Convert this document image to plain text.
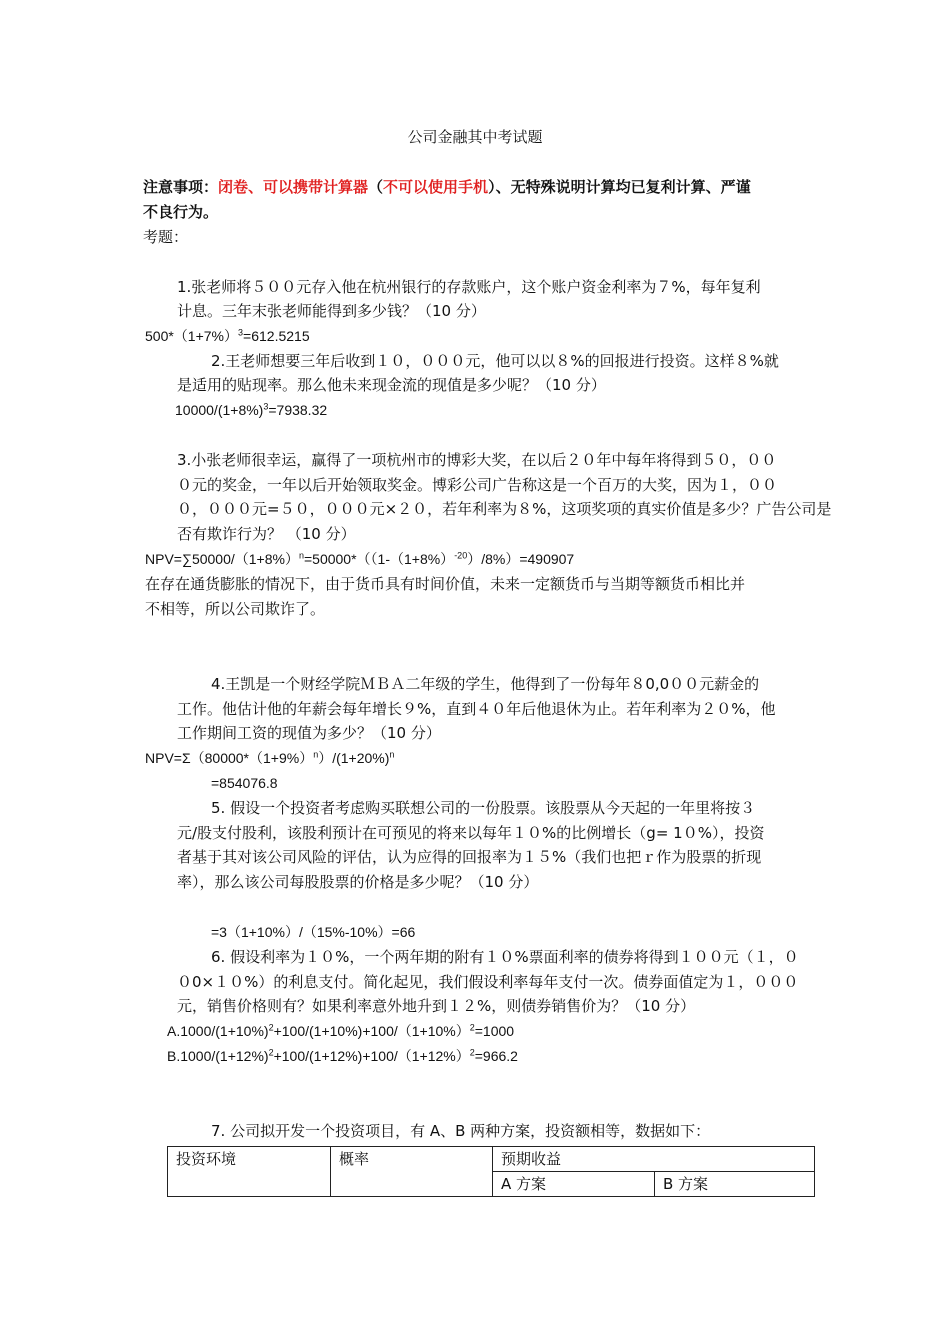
公司金融其中考试题
注意事项：闭卷、可以携带计算器（不可以使用手机）、无特殊说明计算均已复利计算、严谨
不良行为。
考题：
1.张老师将５００元存入他在杭州银行的存款账户，这个账户资金利率为７%，每年复利
计息。三年末张老师能得到多少钱？（10 分）
$500*(1+7\%)^3=612.5215$
2.王老师想要三年后收到１０，０００元，他可以以８%的回报进行投资。这样８%就
是适用的贴现率。那么他未来现金流的现值是多少呢？（10 分）
$10000/(1+8\%)^3=7938.32$
3.小张老师很幸运，赢得了一项杭州市的博彩大奖，在以后２０年中每年将得到５０，００
０元的奖金，一年以后开始领取奖金。博彩公司广告称这是一个百万的大奖，因为１，００
０，０００元=５０，０００元×２０，若年利率为８%，这项奖项的真实价值是多少？广告公司是
否有欺诈行为？ （10 分）
$NPV=\sum 50000/(1+8\%)^n=50000*((1-(1+8\%)^{-20})/8\%)=490907$
在存在通货膨胀的情况下，由于货币具有时间价值，未来一定额货币与当期等额货币相比并
不相等，所以公司欺诈了。
4.王凯是一个财经学院ＭＢＡ二年级的学生，他得到了一份每年８0,0００元薪金的
工作。他估计他的年薪会每年增长９%，直到４０年后他退休为止。若年利率为２０%，他
工作期间工资的现值为多少？（10 分）
$NPV=\Sigma(80000*(1+9\%)^n)/(1+20\%)^n$
=854076.8
5. 假设一个投资者考虑购买联想公司的一份股票。该股票从今天起的一年里将按３
元/股支付股利，该股利预计在可预见的将来以每年１０%的比例增长（g= 1０%），投资
者基于其对该公司风险的评估，认为应得的回报率为１５%（我们也把ｒ作为股票的折现
率），那么该公司每股股票的价格是多少呢？（10 分）
=3（1+10%）/（15%-10%）=66
6. 假设利率为１０%，一个两年期的附有１０%票面利率的债券将得到１００元（１，０
０0×１０%）的利息支付。简化起见，我们假设利率每年支付一次。债券面值定为１，０００
元，销售价格则有？如果利率意外地升到１２%，则债券销售价为？（10 分）
$A.1000/(1+10\%)^2+100/(1+10\%)+100/(1+10\%)^2=1000$
$B.1000/(1+12\%)^2+100/(1+12\%)+100/(1+12\%)^2=966.2$
7. 公司拟开发一个投资项目，有 A、B 两种方案，投资额相等，数据如下：
投资环境	概率	预期收益	
		A 方案	B 方案
